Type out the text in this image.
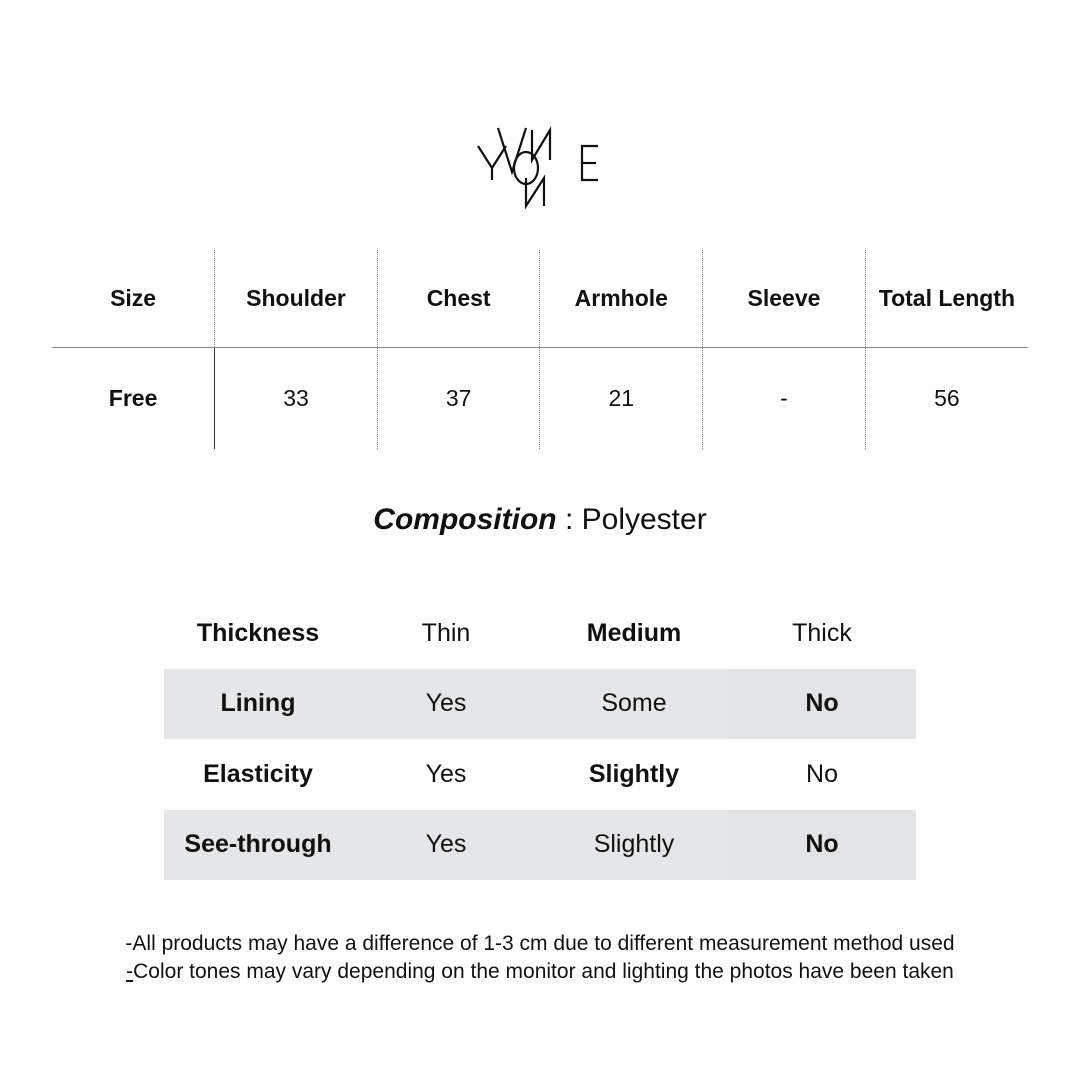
Size	Shoulder	Chest	Armhole	Sleeve	Total Length
Free	33	37	21	-	56
Composition : Polyester
Thickness	Thin	Medium	Thick
Lining	Yes	Some	No
Elasticity	Yes	Slightly	No
See-through	Yes	Slightly	No
-All products may have a difference of 1-3 cm due to different measurement method used
-Color tones may vary depending on the monitor and lighting the photos have been taken
